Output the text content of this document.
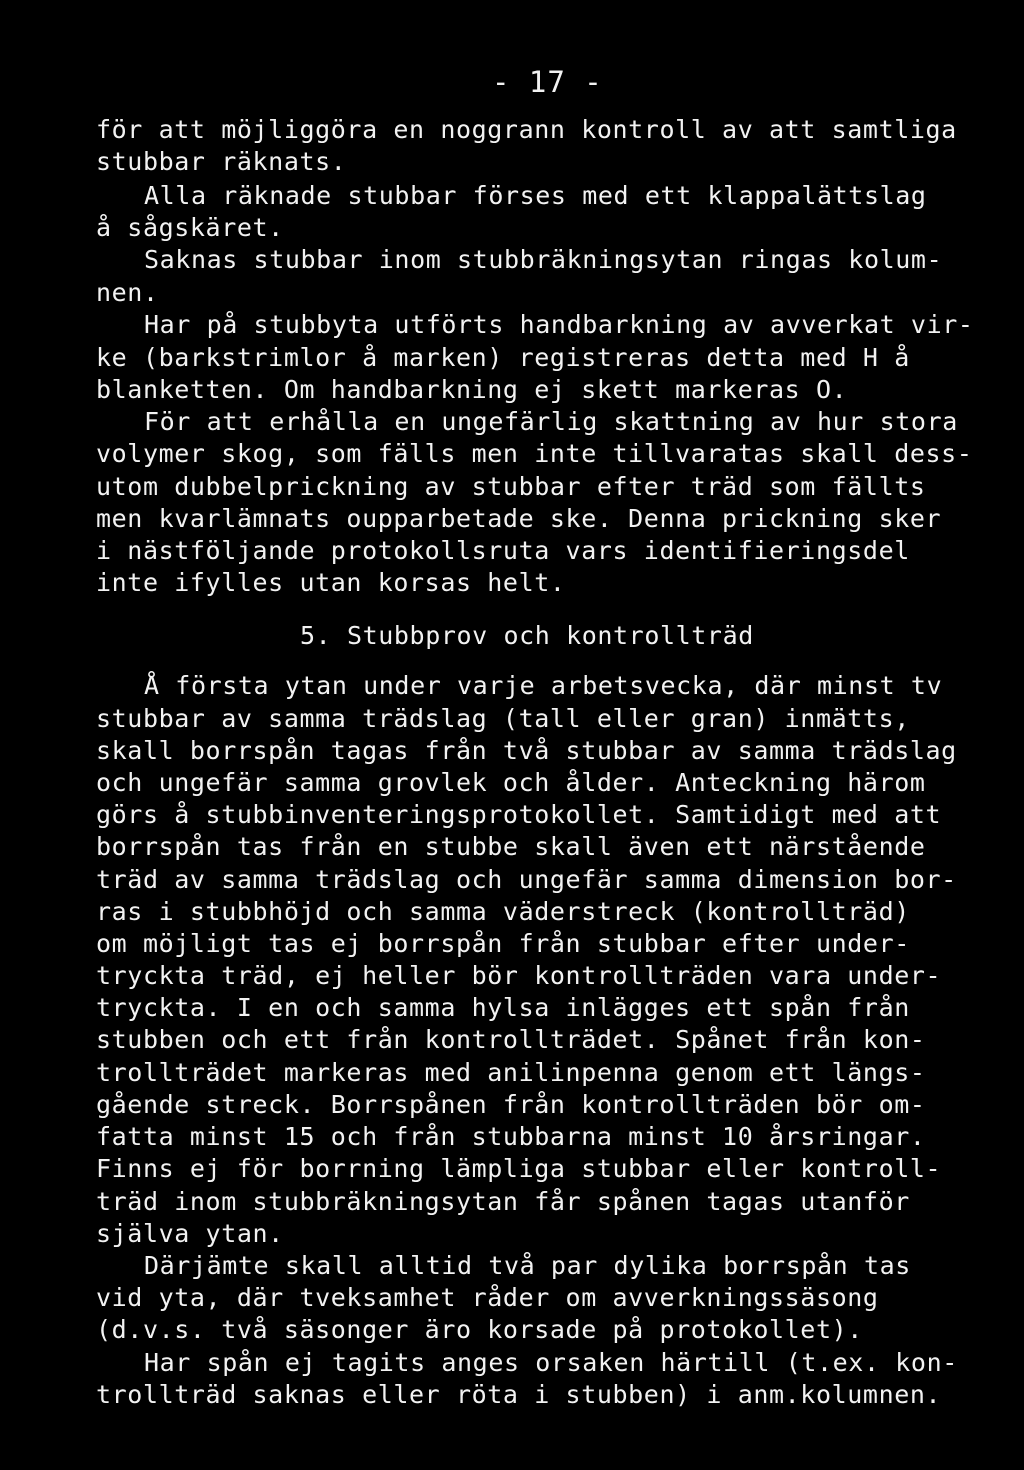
- 17 -
för att möjliggöra en noggrann kontroll av att samtliga
stubbar räknats.
Alla räknade stubbar förses med ett klappalättslag
å sågskäret.
Saknas stubbar inom stubbräkningsytan ringas kolum-
nen.
Har på stubbyta utförts handbarkning av avverkat vir-
ke (barkstrimlor å marken) registreras detta med H å
blanketten. Om handbarkning ej skett markeras O.
För att erhålla en ungefärlig skattning av hur stora
volymer skog, som fälls men inte tillvaratas skall dess-
utom dubbelprickning av stubbar efter träd som fällts
men kvarlämnats oupparbetade ske. Denna prickning sker
i nästföljande protokollsruta vars identifieringsdel
inte ifylles utan korsas helt.
5. Stubbprov och kontrollträd
Å första ytan under varje arbetsvecka, där minst tv
stubbar av samma trädslag (tall eller gran) inmätts,
skall borrspån tagas från två stubbar av samma trädslag
och ungefär samma grovlek och ålder. Anteckning härom
görs å stubbinventeringsprotokollet. Samtidigt med att
borrspån tas från en stubbe skall även ett närstående
träd av samma trädslag och ungefär samma dimension bor-
ras i stubbhöjd och samma väderstreck (kontrollträd)
om möjligt tas ej borrspån från stubbar efter under-
tryckta träd, ej heller bör kontrollträden vara under-
tryckta. I en och samma hylsa inlägges ett spån från
stubben och ett från kontrollträdet. Spånet från kon-
trollträdet markeras med anilinpenna genom ett längs-
gående streck. Borrspånen från kontrollträden bör om-
fatta minst 15 och från stubbarna minst 10 årsringar.
Finns ej för borrning lämpliga stubbar eller kontroll-
träd inom stubbräkningsytan får spånen tagas utanför
själva ytan.
Därjämte skall alltid två par dylika borrspån tas
vid yta, där tveksamhet råder om avverkningssäsong
(d.v.s. två säsonger äro korsade på protokollet).
Har spån ej tagits anges orsaken härtill (t.ex. kon-
trollträd saknas eller röta i stubben) i anm.kolumnen.
